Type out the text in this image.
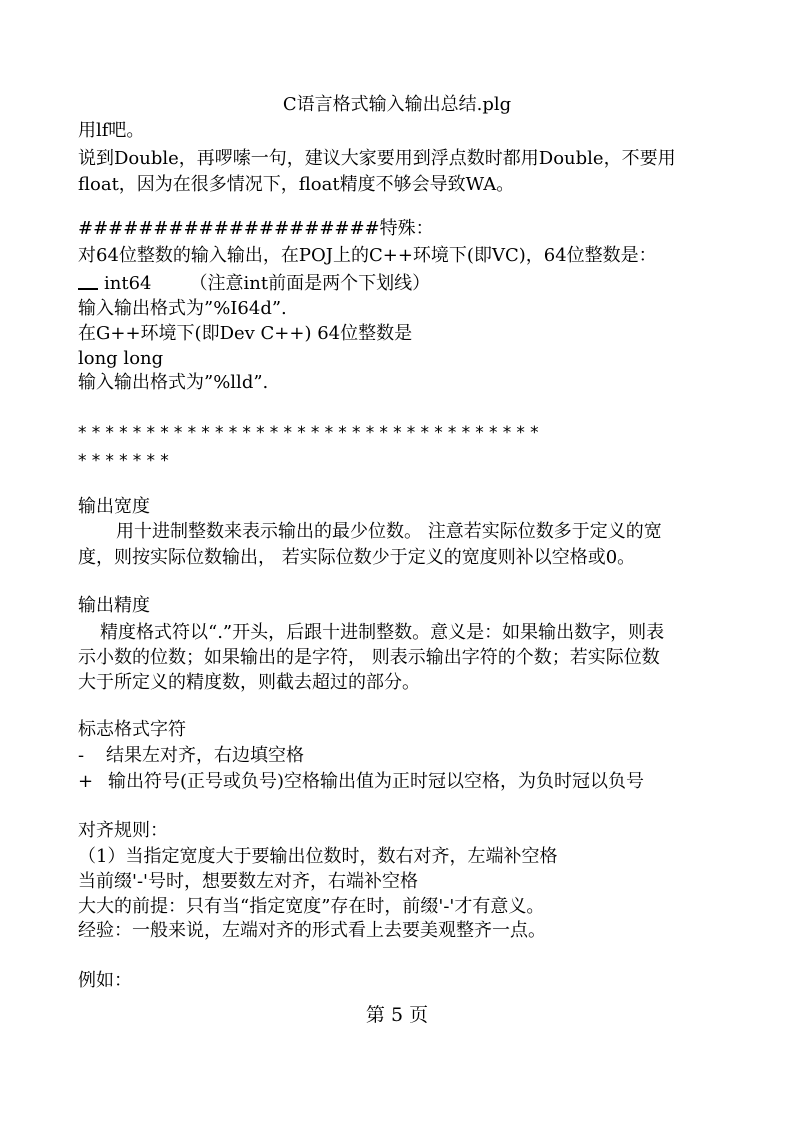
C语言格式输入输出总结.plg
用lf吧。
说到Double，再啰嗦一句，建议大家要用到浮点数时都用Double，不要用
float，因为在很多情况下，float精度不够会导致WA。
####################特殊：
对64位整数的输入输出，在POJ上的C++环境下(即VC)，64位整数是：
int64 （注意int前面是两个下划线）
输入输出格式为”%I64d”.
在G++环境下(即Dev C++) 64位整数是
long long
输入输出格式为”%lld”.
**********************************
*******
输出宽度
用十进制整数来表示输出的最少位数。 注意若实际位数多于定义的宽
度，则按实际位数输出， 若实际位数少于定义的宽度则补以空格或0。
输出精度
精度格式符以“.”开头，后跟十进制整数。意义是：如果输出数字，则表
示小数的位数；如果输出的是字符， 则表示输出字符的个数；若实际位数
大于所定义的精度数，则截去超过的部分。
标志格式字符
- 结果左对齐，右边填空格
+ 输出符号(正号或负号)空格输出值为正时冠以空格，为负时冠以负号
对齐规则：
（1）当指定宽度大于要输出位数时，数右对齐，左端补空格
当前缀'-'号时，想要数左对齐，右端补空格
大大的前提：只有当“指定宽度”存在时，前缀'-'才有意义。
经验：一般来说，左端对齐的形式看上去要美观整齐一点。
例如：
第 5 页
